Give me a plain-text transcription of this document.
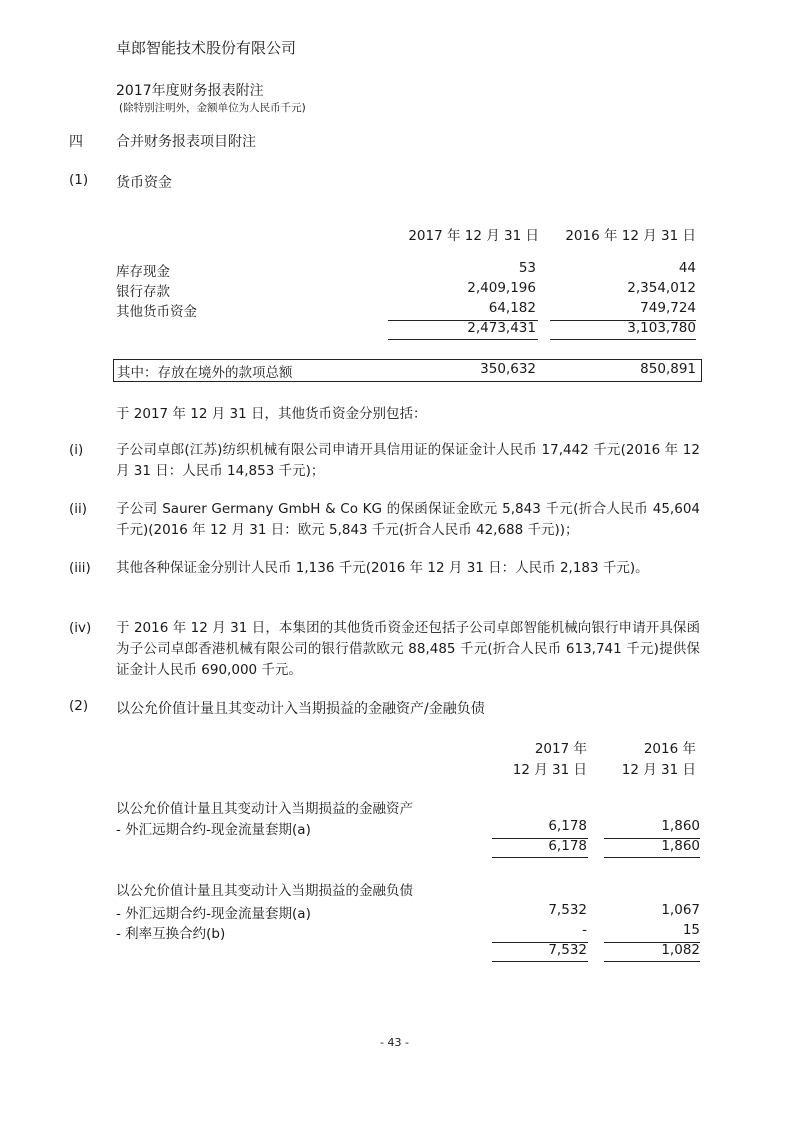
卓郎智能技术股份有限公司
2017年度财务报表附注
(除特别注明外，金额单位为人民币千元)
四 合并财务报表项目附注
(1) 货币资金
2017 年 12 月 31 日 2016 年 12 月 31 日
库存现金	53	44
银行存款	2,409,196	2,354,012
其他货币资金	64,182	749,724
2,473,431	3,103,780
其中：存放在境外的款项总额	350,632	850,891
于 2017 年 12 月 31 日，其他货币资金分别包括：
(i) 子公司卓郎(江苏)纺织机械有限公司申请开具信用证的保证金计人民币 17,442 千元(2016 年 12 月 31 日：人民币 14,853 千元)；
(ii) 子公司 Saurer Germany GmbH & Co KG 的保函保证金欧元 5,843 千元(折合人民币 45,604 千元)(2016 年 12 月 31 日：欧元 5,843 千元(折合人民币 42,688 千元))；
(iii) 其他各种保证金分别计人民币 1,136 千元(2016 年 12 月 31 日：人民币 2,183 千元)。
(iv) 于 2016 年 12 月 31 日，本集团的其他货币资金还包括子公司卓郎智能机械向银行申请开具保函为子公司卓郎香港机械有限公司的银行借款欧元 88,485 千元(折合人民币 613,741 千元)提供保证金计人民币 690,000 千元。
(2) 以公允价值计量且其变动计入当期损益的金融资产/金融负债
2017 年	2016 年
12 月 31 日	12 月 31 日
以公允价值计量且其变动计入当期损益的金融资产
- 外汇远期合约-现金流量套期(a)	6,178	1,860
6,178	1,860
以公允价值计量且其变动计入当期损益的金融负债
- 外汇远期合约-现金流量套期(a)	7,532	1,067
- 利率互换合约(b)	-	15
7,532	1,082
- 43 -
